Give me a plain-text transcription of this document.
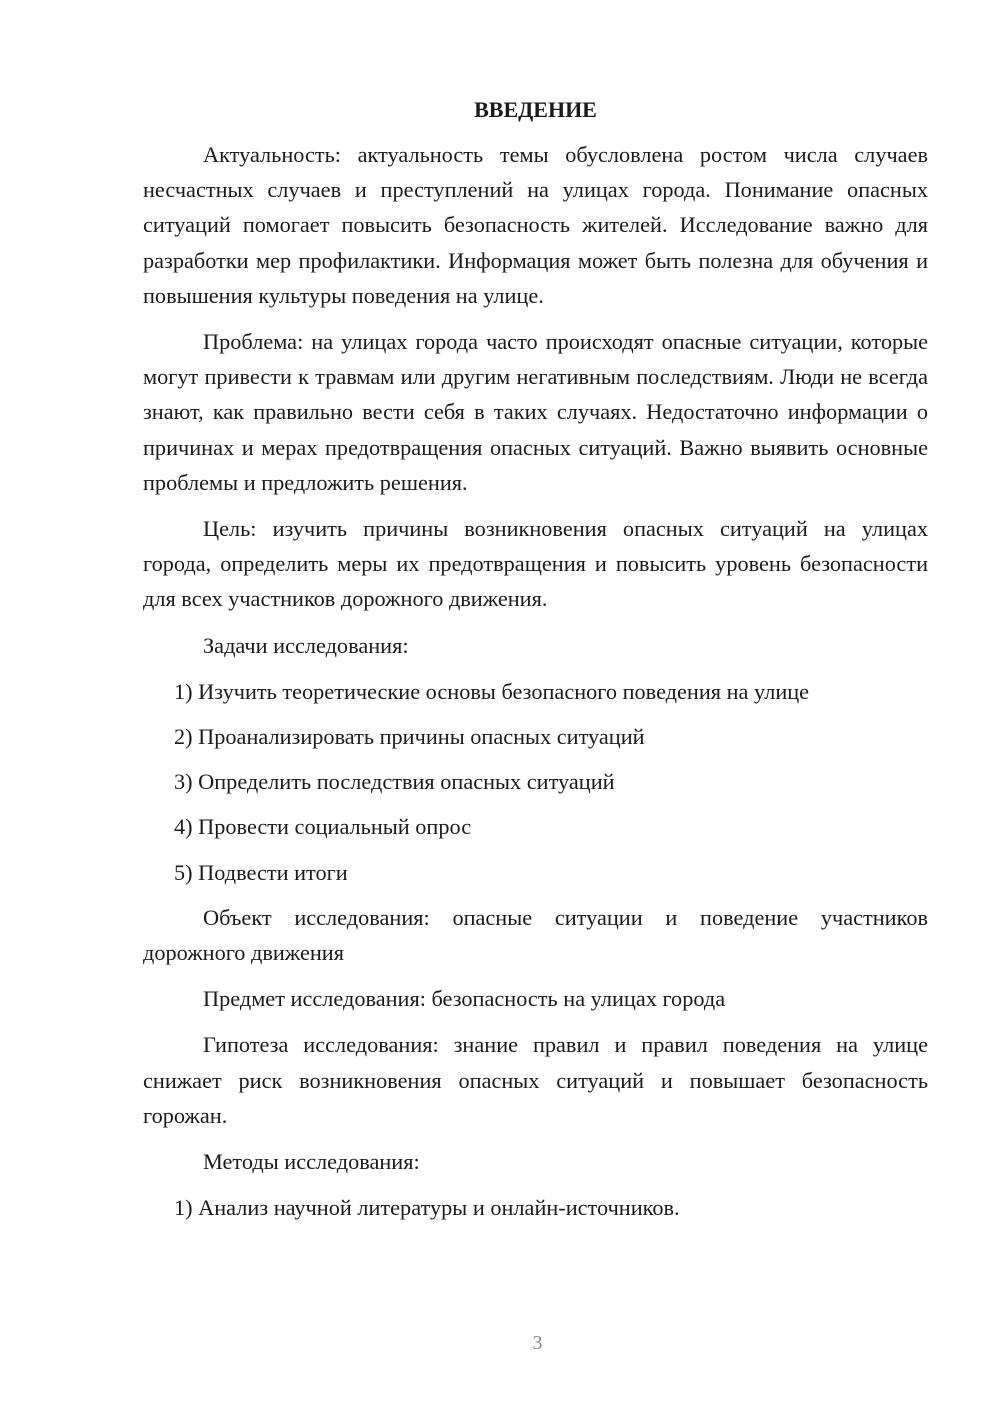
ВВЕДЕНИЕ

Актуальность: актуальность темы обусловлена ростом числа случаев несчастных случаев и преступлений на улицах города. Понимание опасных ситуаций помогает повысить безопасность жителей. Исследование важно для разработки мер профилактики. Информация может быть полезна для обучения и повышения культуры поведения на улице.

Проблема: на улицах города часто происходят опасные ситуации, которые могут привести к травмам или другим негативным последствиям. Люди не всегда знают, как правильно вести себя в таких случаях. Недостаточно информации о причинах и мерах предотвращения опасных ситуаций. Важно выявить основные проблемы и предложить решения.

Цель: изучить причины возникновения опасных ситуаций на улицах города, определить меры их предотвращения и повысить уровень безопасности для всех участников дорожного движения.

Задачи исследования:

1) Изучить теоретические основы безопасного поведения на улице
2) Проанализировать причины опасных ситуаций
3) Определить последствия опасных ситуаций
4) Провести социальный опрос
5) Подвести итоги

Объект исследования: опасные ситуации и поведение участников дорожного движения

Предмет исследования: безопасность на улицах города

Гипотеза исследования: знание правил и правил поведения на улице снижает риск возникновения опасных ситуаций и повышает безопасность горожан.

Методы исследования:

1) Анализ научной литературы и онлайн-источников.
3
